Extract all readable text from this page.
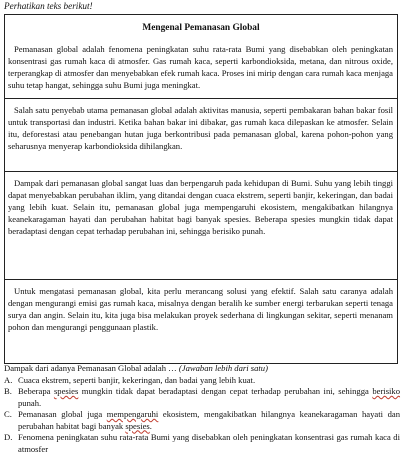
Perhatikan teks berikut!
Mengenal Pemanasan Global

Pemanasan global adalah fenomena peningkatan suhu rata-rata Bumi yang disebabkan oleh peningkatan konsentrasi gas rumah kaca di atmosfer. Gas rumah kaca, seperti karbondioksida, metana, dan nitrous oxide, terperangkap di atmosfer dan menyebabkan efek rumah kaca. Proses ini mirip dengan cara rumah kaca menjaga suhu tetap hangat, sehingga suhu Bumi juga meningkat.

Salah satu penyebab utama pemanasan global adalah aktivitas manusia, seperti pembakaran bahan bakar fosil untuk transportasi dan industri. Ketika bahan bakar ini dibakar, gas rumah kaca dilepaskan ke atmosfer. Selain itu, deforestasi atau penebangan hutan juga berkontribusi pada pemanasan global, karena pohon-pohon yang seharusnya menyerap karbondioksida dihilangkan.

Dampak dari pemanasan global sangat luas dan berpengaruh pada kehidupan di Bumi. Suhu yang lebih tinggi dapat menyebabkan perubahan iklim, yang ditandai dengan cuaca ekstrem, seperti banjir, kekeringan, dan badai yang lebih kuat. Selain itu, pemanasan global juga mempengaruhi ekosistem, mengakibatkan hilangnya keanekaragaman hayati dan perubahan habitat bagi banyak spesies. Beberapa spesies mungkin tidak dapat beradaptasi dengan cepat terhadap perubahan ini, sehingga berisiko punah.

Untuk mengatasi pemanasan global, kita perlu merancang solusi yang efektif. Salah satu caranya adalah dengan mengurangi emisi gas rumah kaca, misalnya dengan beralih ke sumber energi terbarukan seperti tenaga surya dan angin. Selain itu, kita juga bisa melakukan proyek sederhana di lingkungan sekitar, seperti menanam pohon dan mengurangi penggunaan plastik.

Dampak dari adanya Pemanasan Global adalah … (Jawaban lebih dari satu)
A. Cuaca ekstrem, seperti banjir, kekeringan, dan badai yang lebih kuat.
B. Beberapa spesies mungkin tidak dapat beradaptasi dengan cepat terhadap perubahan ini, sehingga berisiko punah.
C. Pemanasan global juga mempengaruhi ekosistem, mengakibatkan hilangnya keanekaragaman hayati dan perubahan habitat bagi banyak spesies.
D. Fenomena peningkatan suhu rata-rata Bumi yang disebabkan oleh peningkatan konsentrasi gas rumah kaca di atmosfer
